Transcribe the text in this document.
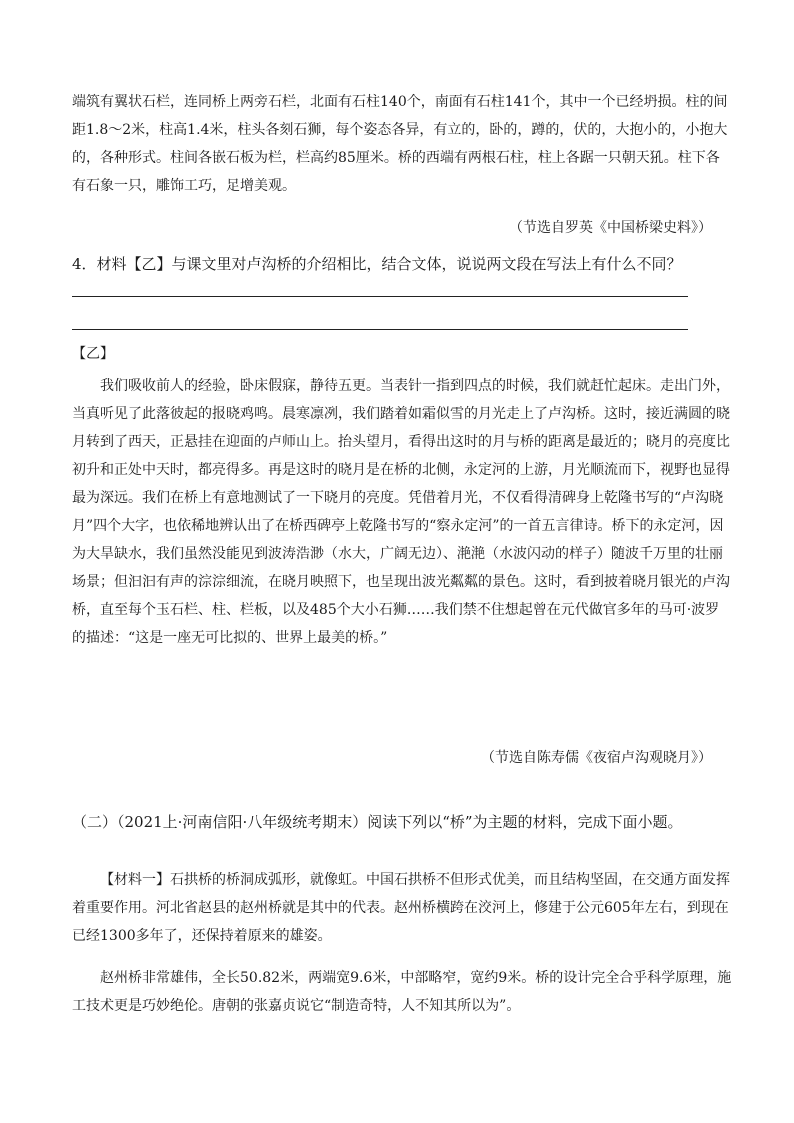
端筑有翼状石栏，连同桥上两旁石栏，北面有石柱140个，南面有石柱141个，其中一个已经坍损。柱的间距1.8～2米，柱高1.4米，柱头各刻石狮，每个姿态各异，有立的，卧的，蹲的，伏的，大抱小的，小抱大的，各种形式。柱间各嵌石板为栏，栏高约85厘米。桥的西端有两根石柱，柱上各踞一只朝天犼。柱下各有石象一只，雕饰工巧，足增美观。

（节选自罗英《中国桥梁史料》）

4．材料【乙】与课文里对卢沟桥的介绍相比，结合文体，说说两文段在写法上有什么不同？

【乙】

我们吸收前人的经验，卧床假寐，静待五更。当表针一指到四点的时候，我们就赶忙起床。走出门外，当真听见了此落彼起的报晓鸡鸣。晨寒凛冽，我们踏着如霜似雪的月光走上了卢沟桥。这时，接近满圆的晓月转到了西天，正悬挂在迎面的卢师山上。抬头望月，看得出这时的月与桥的距离是最近的；晓月的亮度比初升和正处中天时，都亮得多。再是这时的晓月是在桥的北侧，永定河的上游，月光顺流而下，视野也显得最为深远。我们在桥上有意地测试了一下晓月的亮度。凭借着月光，不仅看得清碑身上乾隆书写的“卢沟晓月”四个大字，也依稀地辨认出了在桥西碑亭上乾隆书写的“察永定河”的一首五言律诗。桥下的永定河，因为大旱缺水，我们虽然没能见到波涛浩渺（水大，广阔无边）、滟滟（水波闪动的样子）随波千万里的壮丽场景；但汩汩有声的淙淙细流，在晓月映照下，也呈现出波光粼粼的景色。这时，看到披着晓月银光的卢沟桥，直至每个玉石栏、柱、栏板，以及485个大小石狮……我们禁不住想起曾在元代做官多年的马可·波罗的描述：“这是一座无可比拟的、世界上最美的桥。”

（节选自陈寿儒《夜宿卢沟观晓月》）

（二）（2021上·河南信阳·八年级统考期末）阅读下列以“桥”为主题的材料，完成下面小题。

【材料一】石拱桥的桥洞成弧形，就像虹。中国石拱桥不但形式优美，而且结构坚固，在交通方面发挥着重要作用。河北省赵县的赵州桥就是其中的代表。赵州桥横跨在洨河上，修建于公元605年左右，到现在已经1300多年了，还保持着原来的雄姿。

赵州桥非常雄伟，全长50.82米，两端宽9.6米，中部略窄，宽约9米。桥的设计完全合乎科学原理，施工技术更是巧妙绝伦。唐朝的张嘉贞说它“制造奇特，人不知其所以为”。
